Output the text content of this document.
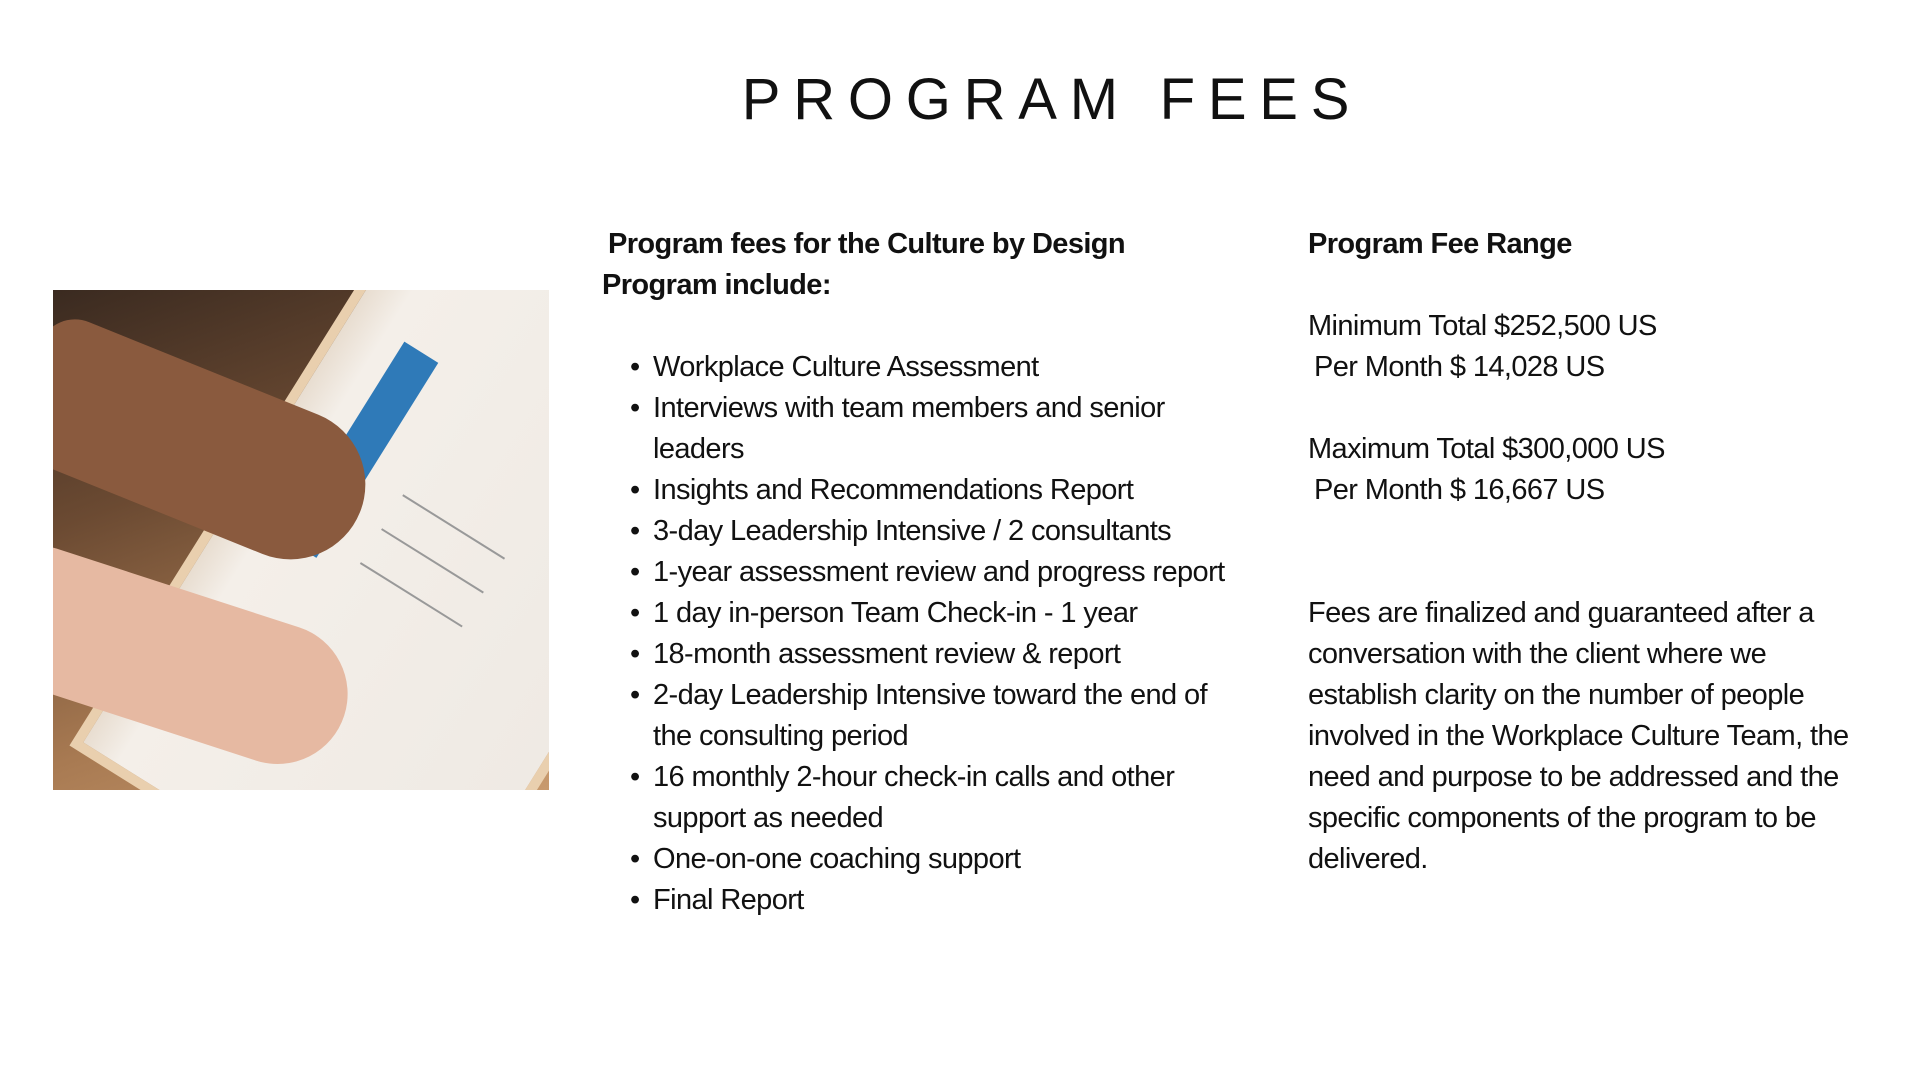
PROGRAM FEES
Program fees for the Culture by Design
Program include:
• Workplace Culture Assessment
• Interviews with team members and senior leaders
• Insights and Recommendations Report
• 3-day Leadership Intensive / 2 consultants
• 1-year assessment review and progress report
• 1 day in-person Team Check-in - 1 year
• 18-month assessment review & report
• 2-day Leadership Intensive toward the end of the consulting period
• 16 monthly 2-hour check-in calls and other support as needed
• One-on-one coaching support
• Final Report
Program Fee Range
Minimum Total $252,500 US
Per Month $ 14,028 US
Maximum Total $300,000 US
Per Month $ 16,667 US
Fees are finalized and guaranteed after a conversation with the client where we establish clarity on the number of people involved in the Workplace Culture Team, the need and purpose to be addressed and the specific components of the program to be delivered.
